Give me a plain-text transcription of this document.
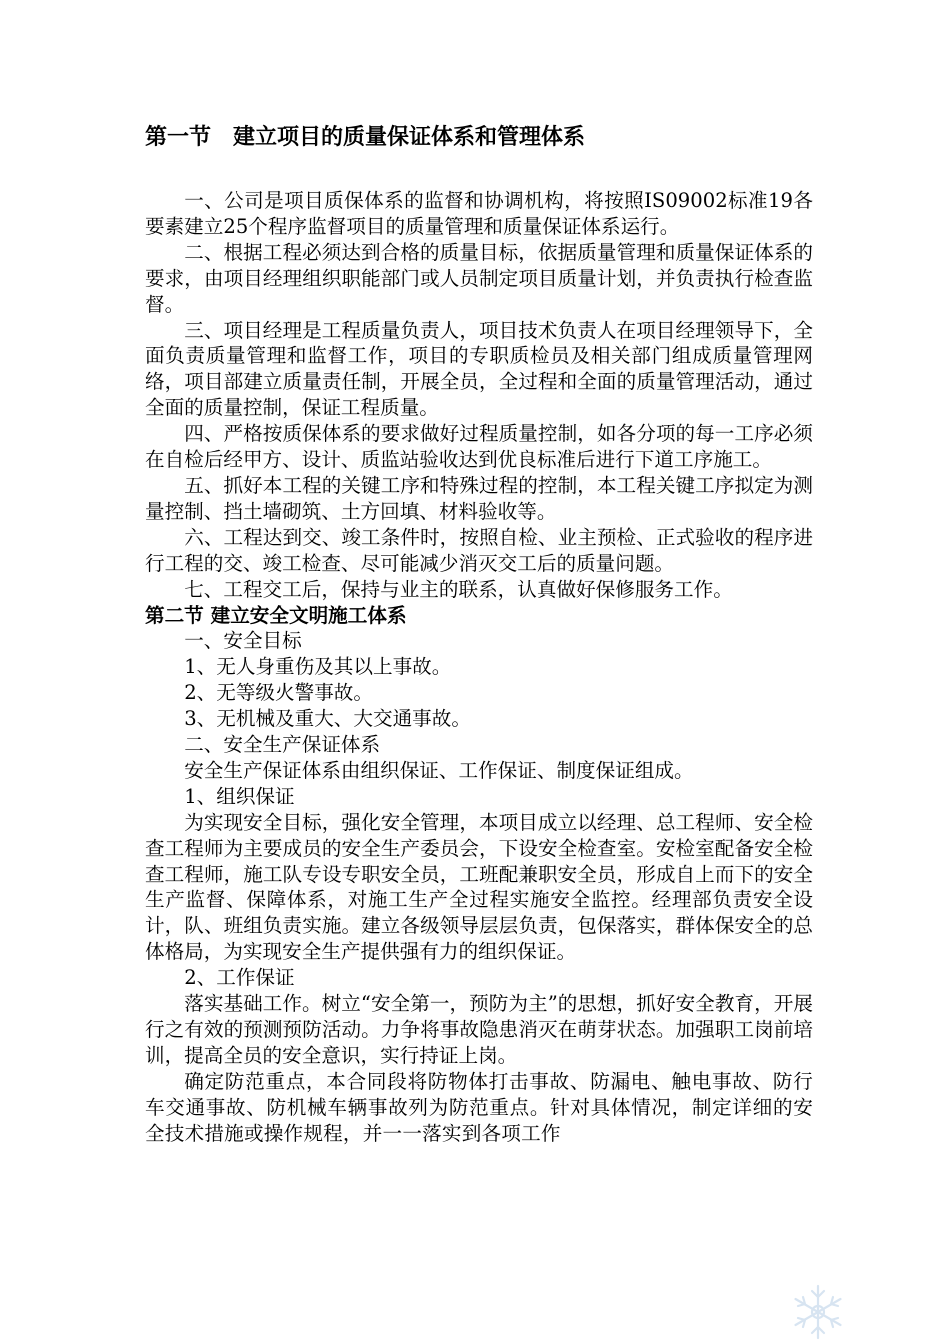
第一节　建立项目的质量保证体系和管理体系

一、公司是项目质保体系的监督和协调机构，将按照IS09002标准19各要素建立25个程序监督项目的质量管理和质量保证体系运行。

二、根据工程必须达到合格的质量目标，依据质量管理和质量保证体系的要求，由项目经理组织职能部门或人员制定项目质量计划，并负责执行检查监督。

三、项目经理是工程质量负责人，项目技术负责人在项目经理领导下，全面负责质量管理和监督工作，项目的专职质检员及相关部门组成质量管理网络，项目部建立质量责任制，开展全员，全过程和全面的质量管理活动，通过全面的质量控制，保证工程质量。

四、严格按质保体系的要求做好过程质量控制，如各分项的每一工序必须在自检后经甲方、设计、质监站验收达到优良标准后进行下道工序施工。

五、抓好本工程的关键工序和特殊过程的控制，本工程关键工序拟定为测量控制、挡土墙砌筑、土方回填、材料验收等。

六、工程达到交、竣工条件时，按照自检、业主预检、正式验收的程序进行工程的交、竣工检查、尽可能减少消灭交工后的质量问题。

七、工程交工后，保持与业主的联系，认真做好保修服务工作。

第二节 建立安全文明施工体系

一、安全目标

1、无人身重伤及其以上事故。

2、无等级火警事故。

3、无机械及重大、大交通事故。

二、安全生产保证体系

安全生产保证体系由组织保证、工作保证、制度保证组成。

1、组织保证

为实现安全目标，强化安全管理，本项目成立以经理、总工程师、安全检查工程师为主要成员的安全生产委员会，下设安全检查室。安检室配备安全检查工程师，施工队专设专职安全员，工班配兼职安全员，形成自上而下的安全生产监督、保障体系，对施工生产全过程实施安全监控。经理部负责安全设计，队、班组负责实施。建立各级领导层层负责，包保落实，群体保安全的总体格局，为实现安全生产提供强有力的组织保证。

2、工作保证

落实基础工作。树立“安全第一，预防为主”的思想，抓好安全教育，开展行之有效的预测预防活动。力争将事故隐患消灭在萌芽状态。加强职工岗前培训，提高全员的安全意识，实行持证上岗。

确定防范重点，本合同段将防物体打击事故、防漏电、触电事故、防行车交通事故、防机械车辆事故列为防范重点。针对具体情况，制定详细的安全技术措施或操作规程，并一一落实到各项工作
